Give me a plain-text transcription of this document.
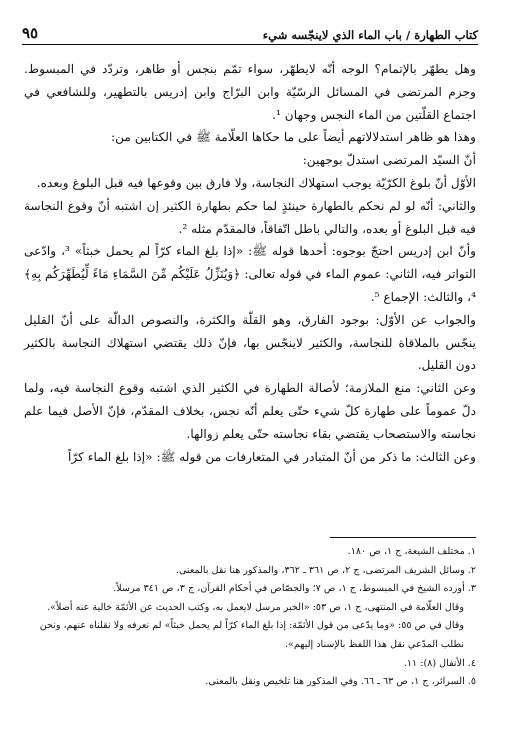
كتاب الطهارة / باب الماء الذي لاينجّسه شيء
٩٥

وهل يطهّر بالإتمام؟ الوجه أنّه لايطهّر، سواء تمّم بنجس أو طاهر، وتردّد في المبسوط. وجزم المرتضى في المسائل الرسّيّة وابن البرّاج وابن إدريس بالتطهير، وللشافعي في اجتماع القلّتين من الماء النجس وجهان ¹.

وهذا هو ظاهر استدلالاتهم أيضاً على ما حكاها العلّامة ﷺ في الكتابين من:

أنّ السيّد المرتضى استدلّ بوجهين:

الأوّل أنّ بلوغ الكرّيّة يوجب استهلاك النجاسة، ولا فارق بين وقوعها فيه قبل البلوغ وبعده.

والثاني: أنّه لو لم نحكم بالطهارة حينئذٍ لما حكم بطهارة الكثير إن اشتبه أنّ وقوع النجاسة فيه قبل البلوغ أو بعده، والتالي باطل اتّفاقاً، فالمقدّم مثله ².

وأنّ ابن إدريس احتجّ بوجوه: أحدها قوله ﷺ: «إذا بلغ الماء كرّاً لم يحمل خبثاً» ³، وادّعى التواتر فيه، الثاني: عموم الماء في قوله تعالى: ﴿وَيُنَزِّلُ عَلَيْكُم مِّنَ السَّمَاءِ مَاءً لِّيُطَهِّرَكُم بِهِ﴾ ⁴، والثالث: الإجماع ⁵.

والجواب عن الأوّل: بوجود الفارق، وهو القلّة والكثرة، والنصوص الدالّة على أنّ القليل ينجّس بالملاقاة للنجاسة، والكثير لاينجّس بها، فإنّ ذلك يقتضي استهلاك النجاسة بالكثير دون القليل.

وعن الثاني: منع الملازمة؛ لأصالة الطهارة في الكثير الذي اشتبه وقوع النجاسة فيه، ولما دلّ عموماً على طهارة كلّ شيء حتّى يعلم أنّه نجس، بخلاف المقدّم، فإنّ الأصل فيما علم نجاسته والاستصحاب يقتضي بقاء نجاسته حتّى يعلم زوالها.

وعن الثالث: ما ذكر من أنّ المتبادر في المتعارفات من قوله ﷺ: «إذا بلغ الماء كرّاً

١. مختلف الشيعة، ج ١، ص ١٨٠.

٢. وسائل الشريف المرتضى، ج ٢، ص ٣٦١ ـ ٣٦٢، والمذكور هنا نقل بالمعنى.

٣. أورده الشيخ في المبسوط، ج ١، ص ٧؛ والجصّاص في أحكام القرآن، ج ٣، ص ٣٤١ مرسلاً.

وقال العلّامة في المنتهى، ج ١، ص ٥٣: «الخبر مرسل لايعمل به، وكتب الحديث عن الأئمّة خالية عنه أصلاً».

وقال في ص ٥٥: «وما يدّعى من قول الأئمّة: إذا بلغ الماء كرّاً لم يحمل خبثاً» لم نعرفه ولا نقلناه عنهم، ونحن نطلب المدّعي نقل هذا اللفظ بالإسناد إليهم».

٤. الأنفال (٨): ١١.

٥. السرائر، ج ١، ص ٦٣ ـ ٦٦. وفي المذكور هنا تلخيص ونقل بالمعنى.
